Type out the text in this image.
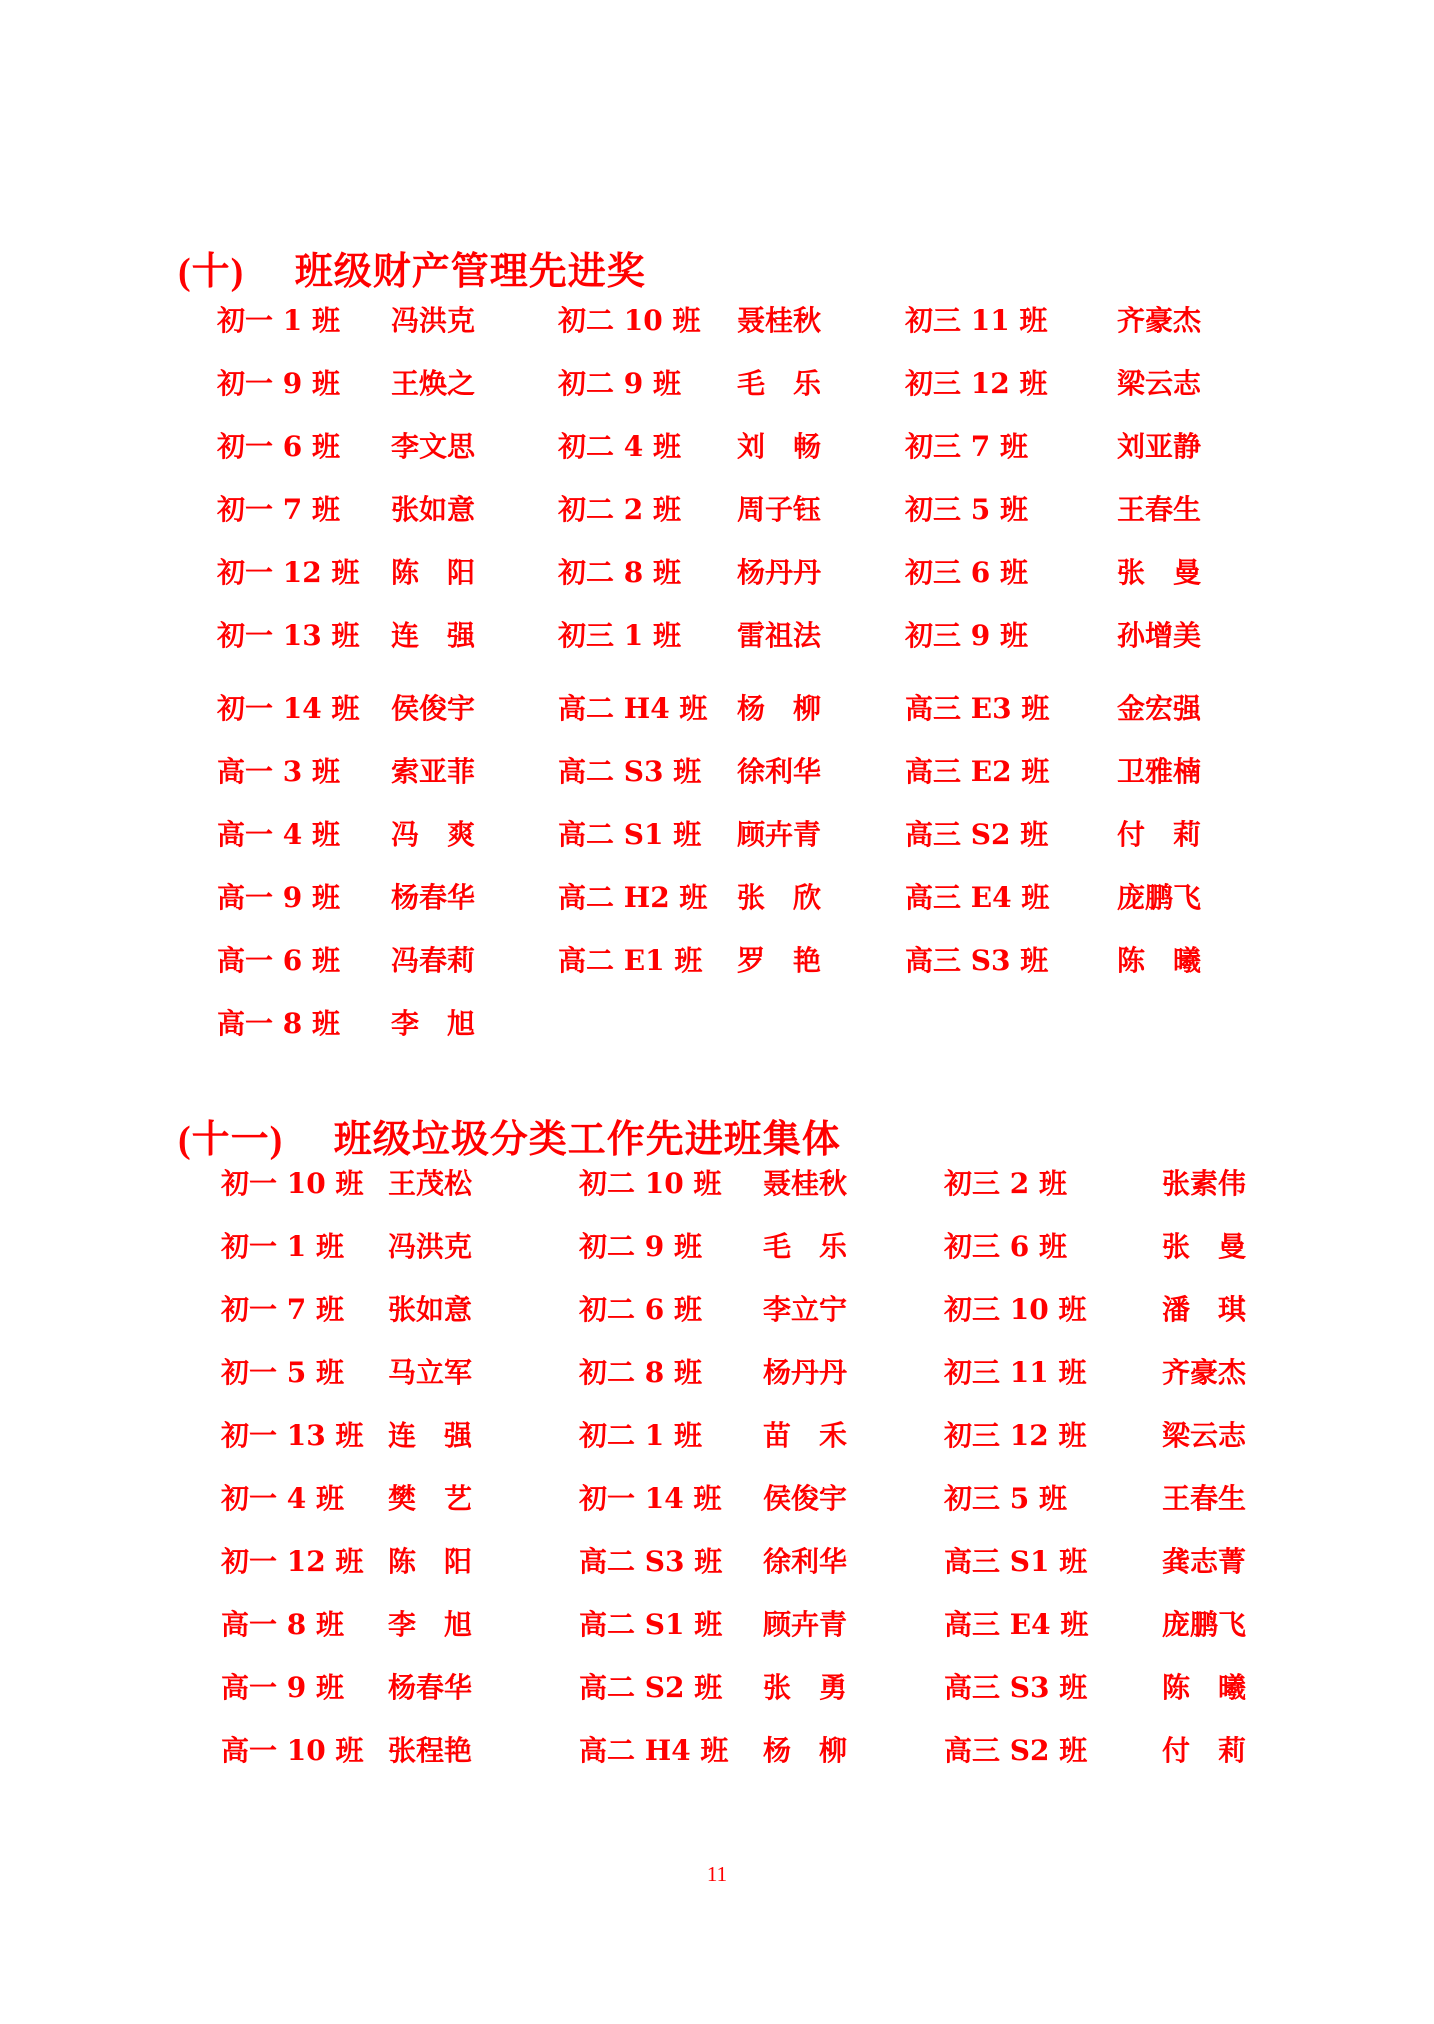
(十) 班级财产管理先进奖
初一 1 班 冯洪克	初二 10 班 聂桂秋	初三 11 班 齐豪杰
初一 9 班 王焕之	初二 9 班 毛　乐	初三 12 班 梁云志
初一 6 班 李文思	初二 4 班 刘　畅	初三 7 班	刘亚静
初一 7 班 张如意	初二 2 班 周子钰	初三 5 班	王春生
初一 12 班 陈　阳	初二 8 班 杨丹丹	初三 6 班	张　曼
初一 13 班 连　强	初三 1 班 雷祖法	初三 9 班	孙增美
初一 14 班 侯俊宇	高二 H4 班 杨　柳	高三 E3 班 金宏强
高一 3 班 索亚菲	高二 S3 班 徐利华	高三 E2 班 卫雅楠
高一 4 班 冯　爽	高二 S1 班 顾卉青	高三 S2 班 付　莉
高一 9 班 杨春华	高二 H2 班 张　欣	高三 E4 班 庞鹏飞
高一 6 班 冯春莉	高二 E1 班 罗　艳	高三 S3 班 陈　曦
高一 8 班 李　旭
(十一) 班级垃圾分类工作先进班集体
初一 10 班 王茂松	初二 10 班 聂桂秋	初三 2 班	张素伟
初一 1 班 冯洪克	初二 9 班 毛　乐	初三 6 班	张　曼
初一 7 班 张如意	初二 6 班 李立宁	初三 10 班	潘　琪
初一 5 班 马立军	初二 8 班 杨丹丹	初三 11 班	齐豪杰
初一 13 班 连　强	初二 1 班 苗　禾	初三 12 班	梁云志
初一 4 班 樊　艺	初一 14 班 侯俊宇	初三 5 班	王春生
初一 12 班 陈　阳	高二 S3 班 徐利华	高三 S1 班	龚志菁
高一 8 班 李　旭	高二 S1 班 顾卉青	高三 E4 班	庞鹏飞
高一 9 班 杨春华	高二 S2 班 张　勇	高三 S3 班	陈　曦
高一 10 班 张程艳	高二 H4 班 杨　柳	高三 S2 班	付　莉
11
